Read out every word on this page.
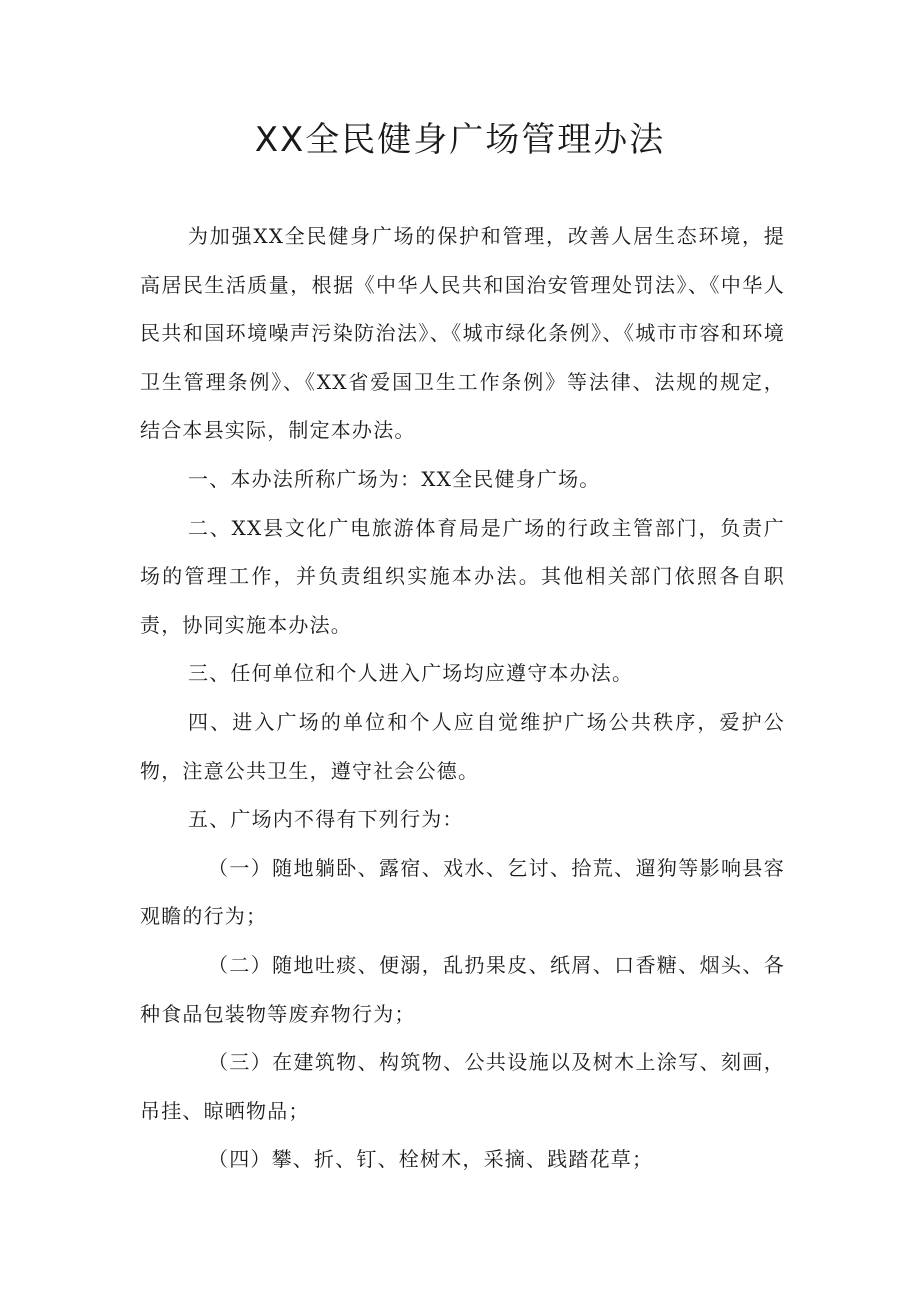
XX全民健身广场管理办法

为加强XX全民健身广场的保护和管理，改善人居生态环境，提高居民生活质量，根据《中华人民共和国治安管理处罚法》、《中华人民共和国环境噪声污染防治法》、《城市绿化条例》、《城市市容和环境卫生管理条例》、《XX省爱国卫生工作条例》等法律、法规的规定，结合本县实际，制定本办法。

一、本办法所称广场为：XX全民健身广场。

二、XX县文化广电旅游体育局是广场的行政主管部门，负责广场的管理工作，并负责组织实施本办法。其他相关部门依照各自职责，协同实施本办法。

三、任何单位和个人进入广场均应遵守本办法。

四、进入广场的单位和个人应自觉维护广场公共秩序，爱护公物，注意公共卫生，遵守社会公德。

五、广场内不得有下列行为：

（一）随地躺卧、露宿、戏水、乞讨、拾荒、遛狗等影响县容观瞻的行为；

（二）随地吐痰、便溺，乱扔果皮、纸屑、口香糖、烟头、各种食品包装物等废弃物行为；

（三）在建筑物、构筑物、公共设施以及树木上涂写、刻画，吊挂、晾晒物品；

（四）攀、折、钉、栓树木，采摘、践踏花草；
